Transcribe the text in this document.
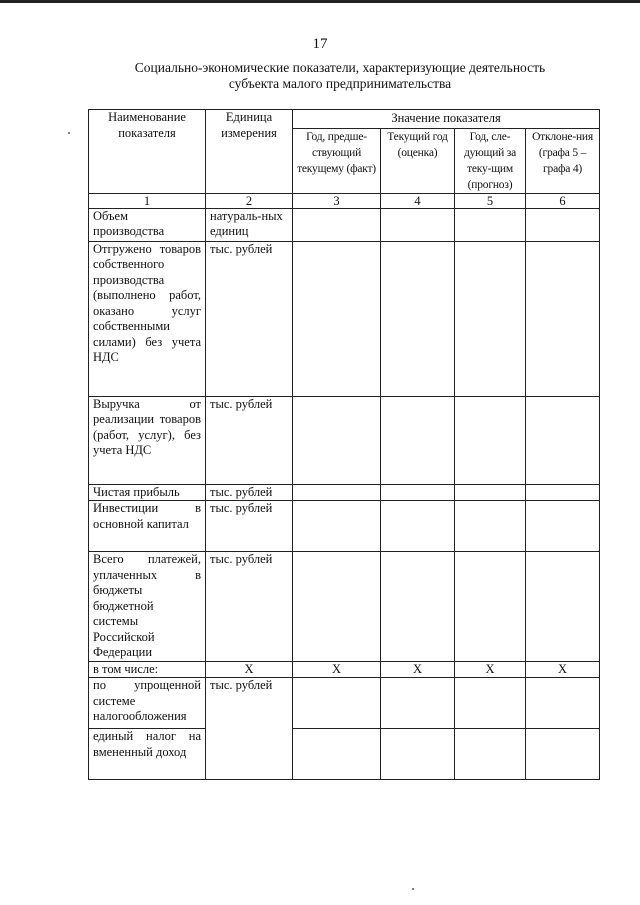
17
Социально-экономические показатели, характеризующие деятельность
субъекта малого предпринимательства
Наименование показателя	Единица измерения	Значение показателя			
		Год, предше-ствующий текущему (факт)	Текущий год (оценка)	Год, сле-дующий за теку-щим (прогноз)	Отклоне-ния (графа 5 – графа 4)
1	2	3	4	5	6
Объем производства	натураль-ных единиц				
Отгружено товаров собственного производства (выполнено работ, оказано услуг собственными силами) без учета НДС	тыс. рублей				
Выручка от реализации товаров (работ, услуг), без учета НДС	тыс. рублей				
Чистая прибыль	тыс. рублей				
Инвестиции в основной капитал	тыс. рублей				
Всего платежей, уплаченных в бюджеты бюджетной системы Российской Федерации	тыс. рублей				
в том числе:	X	X	X	X	X
по упрощенной системе налогообложения	тыс. рублей				
единый налог на вмененный доход					
